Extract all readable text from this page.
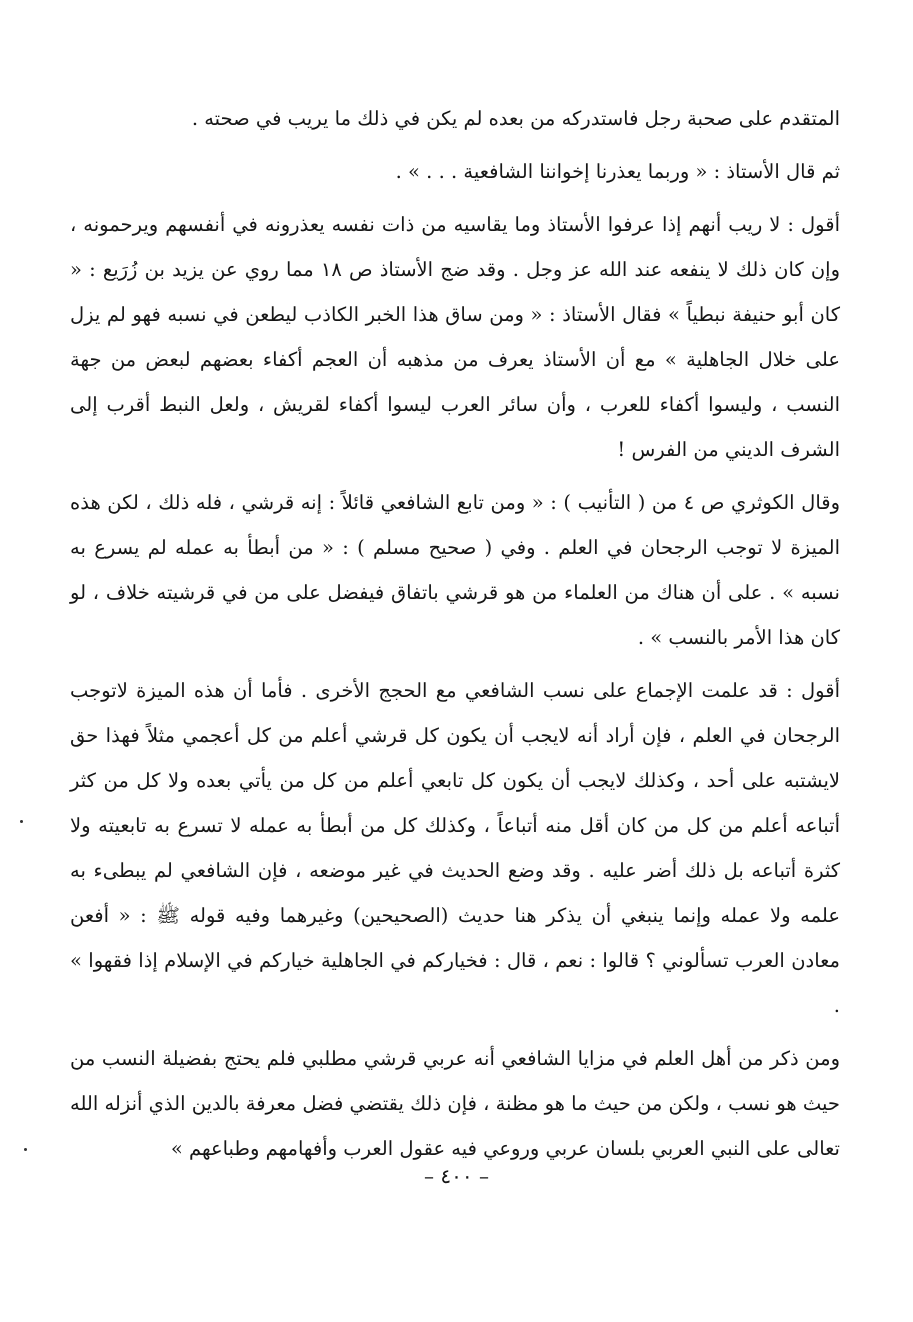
المتقدم على صحبة رجل فاستدركه من بعده لم يكن في ذلك ما يريب في صحته .

ثم قال الأستاذ : « وربما يعذرنا إخواننا الشافعية . . . » .

أقول : لا ريب أنهم إذا عرفوا الأستاذ وما يقاسيه من ذات نفسه يعذرونه في أنفسهم ويرحمونه ، وإن كان ذلك لا ينفعه عند الله عز وجل . وقد ضج الأستاذ ص ١٨ مما روي عن يزيد بن زُرَيع : « كان أبو حنيفة نبطياً » فقال الأستاذ : « ومن ساق هذا الخبر الكاذب ليطعن في نسبه فهو لم يزل على خلال الجاهلية » مع أن الأستاذ يعرف من مذهبه أن العجم أكفاء بعضهم لبعض من جهة النسب ، وليسوا أكفاء للعرب ، وأن سائر العرب ليسوا أكفاء لقريش ، ولعل النبط أقرب إلى الشرف الديني من الفرس !

وقال الكوثري ص ٤ من ( التأنيب ) : « ومن تابع الشافعي قائلاً : إنه قرشي ، فله ذلك ، لكن هذه الميزة لا توجب الرجحان في العلم . وفي ( صحيح مسلم ) : « من أبطأ به عمله لم يسرع به نسبه » . على أن هناك من العلماء من هو قرشي باتفاق فيفضل على من في قرشيته خلاف ، لو كان هذا الأمر بالنسب » .

أقول : قد علمت الإجماع على نسب الشافعي مع الحجج الأخرى . فأما أن هذه الميزة لاتوجب الرجحان في العلم ، فإن أراد أنه لايجب أن يكون كل قرشي أعلم من كل أعجمي مثلاً فهذا حق لايشتبه على أحد ، وكذلك لايجب أن يكون كل تابعي أعلم من كل من يأتي بعده ولا كل من كثر أتباعه أعلم من كل من كان أقل منه أتباعاً ، وكذلك كل من أبطأ به عمله لا تسرع به تابعيته ولا كثرة أتباعه بل ذلك أضر عليه . وقد وضع الحديث في غير موضعه ، فإن الشافعي لم يبطىء به علمه ولا عمله وإنما ينبغي أن يذكر هنا حديث (الصحيحين) وغيرهما وفيه قوله ﷺ : « أفعن معادن العرب تسألوني ؟ قالوا : نعم ، قال : فخياركم في الجاهلية خياركم في الإسلام إذا فقهوا » .

ومن ذكر من أهل العلم في مزايا الشافعي أنه عربي قرشي مطلبي فلم يحتج بفضيلة النسب من حيث هو نسب ، ولكن من حيث ما هو مظنة ، فإن ذلك يقتضي فضل معرفة بالدين الذي أنزله الله تعالى على النبي العربي بلسان عربي وروعي فيه عقول العرب وأفهامهم وطباعهم »

– ٤٠٠ –
